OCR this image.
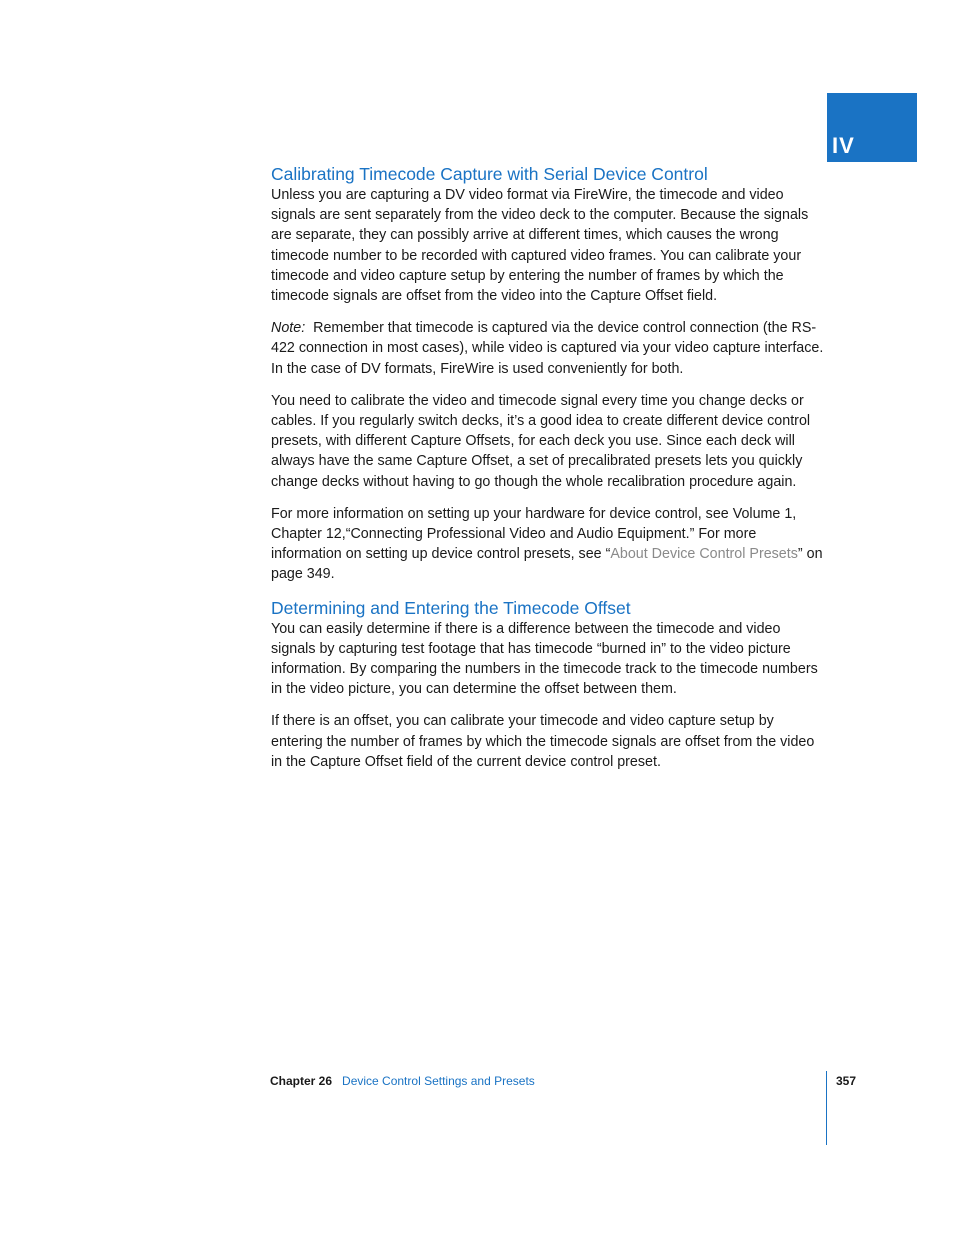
IV
Calibrating Timecode Capture with Serial Device Control

Unless you are capturing a DV video format via FireWire, the timecode and video signals are sent separately from the video deck to the computer. Because the signals are separate, they can possibly arrive at different times, which causes the wrong timecode number to be recorded with captured video frames. You can calibrate your timecode and video capture setup by entering the number of frames by which the timecode signals are offset from the video into the Capture Offset field.

Note: Remember that timecode is captured via the device control connection (the RS-422 connection in most cases), while video is captured via your video capture interface. In the case of DV formats, FireWire is used conveniently for both.

You need to calibrate the video and timecode signal every time you change decks or cables. If you regularly switch decks, it’s a good idea to create different device control presets, with different Capture Offsets, for each deck you use. Since each deck will always have the same Capture Offset, a set of precalibrated presets lets you quickly change decks without having to go though the whole recalibration procedure again.

For more information on setting up your hardware for device control, see Volume 1, Chapter 12,“Connecting Professional Video and Audio Equipment.” For more information on setting up device control presets, see “About Device Control Presets” on page 349.

Determining and Entering the Timecode Offset

You can easily determine if there is a difference between the timecode and video signals by capturing test footage that has timecode “burned in” to the video picture information. By comparing the numbers in the timecode track to the timecode numbers in the video picture, you can determine the offset between them.

If there is an offset, you can calibrate your timecode and video capture setup by entering the number of frames by which the timecode signals are offset from the video in the Capture Offset field of the current device control preset.

Chapter 26 Device Control Settings and Presets	357
